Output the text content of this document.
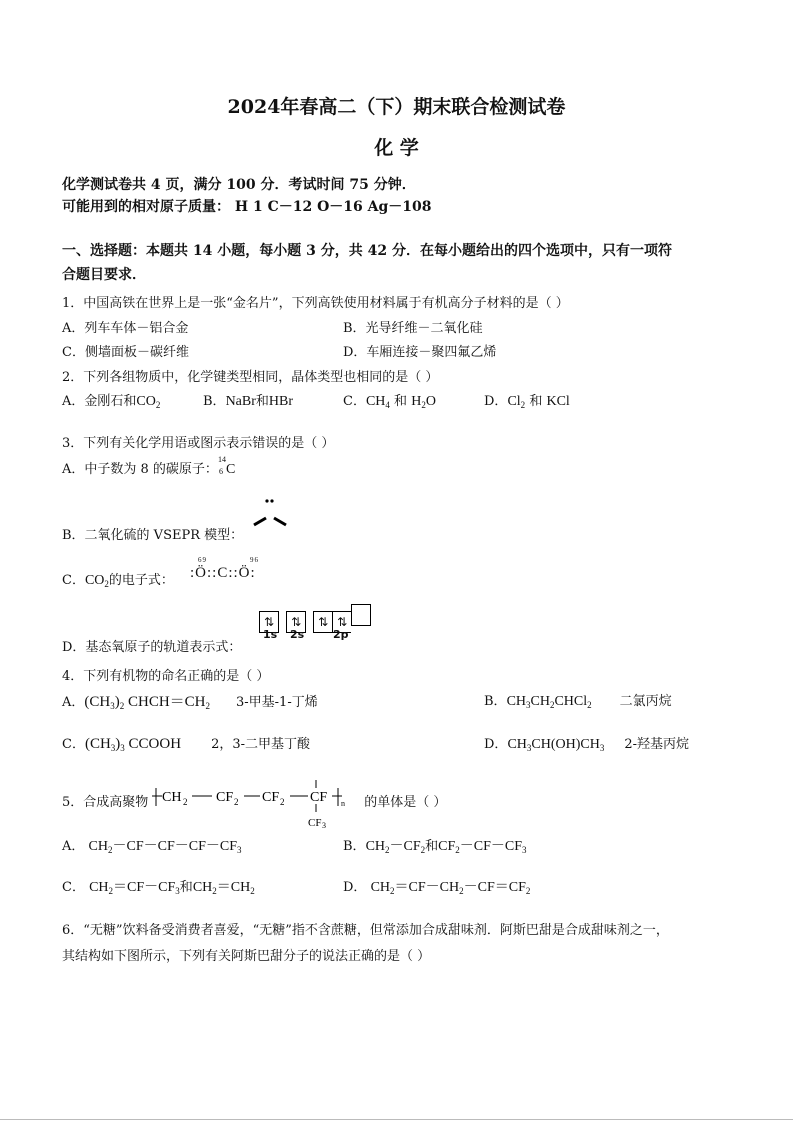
2024年春高二（下）期末联合检测试卷
化 学
化学测试卷共 4 页，满分 100 分．考试时间 75 分钟．
可能用到的相对原子质量： H 1 C－12 O－16 Ag－108
一、选择题：本题共 14 小题，每小题 3 分，共 42 分．在每小题给出的四个选项中，只有一项符
合题目要求．
1．中国高铁在世界上是一张“金名片”，下列高铁使用材料属于有机高分子材料的是（ ）
A．列车车体－铝合金	B．光导纤维－二氧化硅
C．侧墙面板－碳纤维	D．车厢连接－聚四氟乙烯
2．下列各组物质中，化学键类型相同，晶体类型也相同的是（ ）
A．金刚石和$CO_2$	B．NaBr和HBr	C．$CH_4$ 和 $H_2O$	D．$Cl_2$ 和 KCl
3．下列有关化学用语或图示表示错误的是（ ）
A．中子数为 8 的碳原子：
14
6 C
B．二氧化硫的 VSEPR 模型：
C．$CO_2$的电子式： :Ö::C::Ö:
69	96
⇅ ⇅ ⇅ ⇅
1s 2s	2p
D．基态氧原子的轨道表示式：
4．下列有机物的命名正确的是（ ）
A．$(CH_3)_2$ $CHCH=CH_2$ 3-甲基-1-丁烯	B．$CH_3CH_2CHCl_2$ 二氯丙烷
C．$(CH_3)_3$ CCOOH 2，3-二甲基丁酸	D．$CH_3CH(OH)CH_3$ 2-羟基丙烷
5．合成高聚物	的单体是（ ）
CH 2 CF 2 CF 2 CF
CF 3
n
A． $CH_2-CF-CF-CF-CF_3$	B．$CH_2-CF_2$和$CF_2-CF-CF_3$
C． $CH_2=CF-CF_3$和$CH_2=CH_2$	D． $CH_2=CF-CH_2-CF=CF_2$
6．“无糖”饮料备受消费者喜爱，“无糖”指不含蔗糖，但常添加合成甜味剂．阿斯巴甜是合成甜味剂之一，
其结构如下图所示，下列有关阿斯巴甜分子的说法正确的是（ ）
